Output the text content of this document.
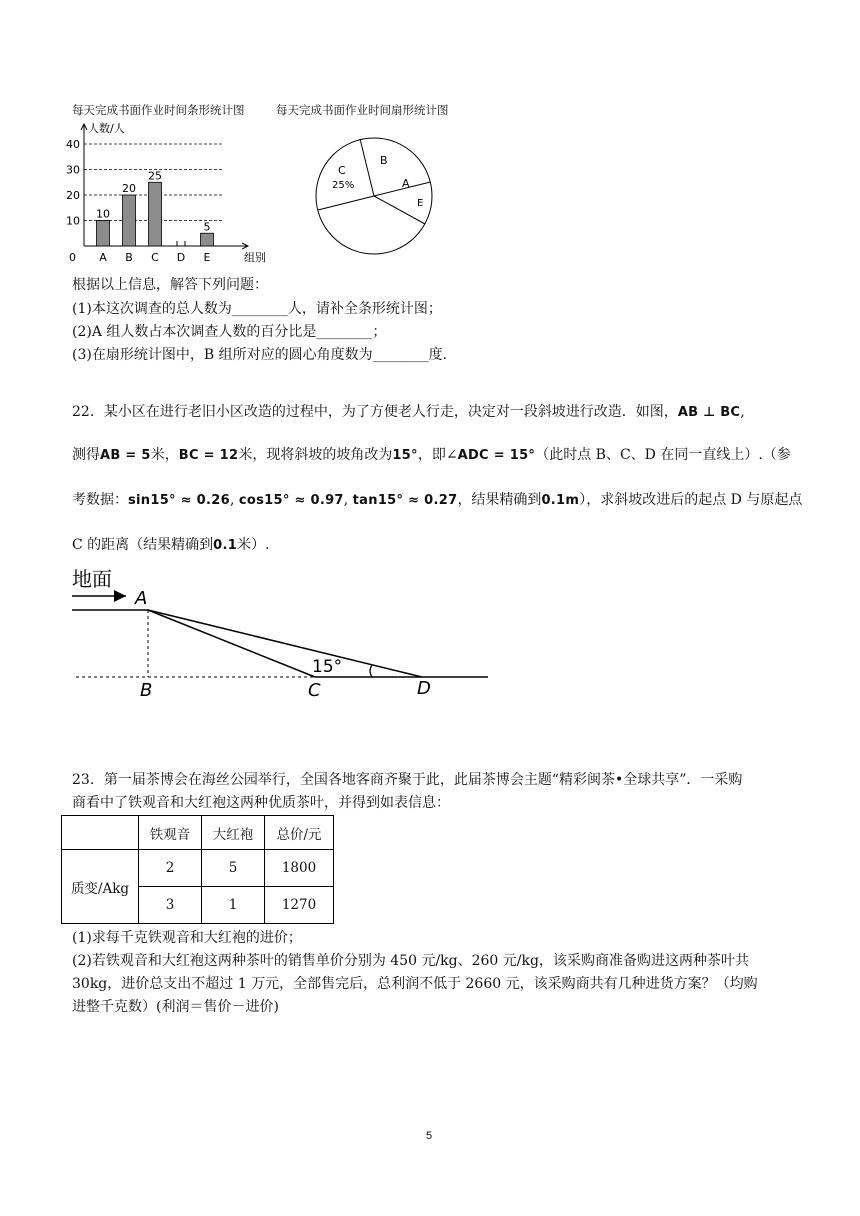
每天完成书面作业时间条形统计图	每天完成书面作业时间扇形统计图
0
10
20
30
40
人数/人
组别
10
A
20
B
25
C D
5
E
C
25%
B
A
E
根据以上信息，解答下列问题：
(1)本这次调查的总人数为________人，请补全条形统计图；
(2)A 组人数占本次调查人数的百分比是________；
(3)在扇形统计图中，B 组所对应的圆心角度数为________度.
22．某小区在进行老旧小区改造的过程中，为了方便老人行走，决定对一段斜坡进行改造．如图，AB ⊥ BC,
测得AB = 5米，BC = 12米，现将斜坡的坡角改为15°，即∠ADC = 15°（此时点 B、C、D 在同一直线上）.（参
考数据：sin15° ≈ 0.26, cos15° ≈ 0.97, tan15° ≈ 0.27，结果精确到0.1m），求斜坡改进后的起点 D 与原起点
C 的距离（结果精确到0.1米）.
地面
15°
A
B	C	D
23．第一届茶博会在海丝公园举行，全国各地客商齐聚于此，此届茶博会主题“精彩闽茶•全球共享”．一采购
商看中了铁观音和大红袍这两种优质茶叶，并得到如表信息：
	铁观音	大红袍	总价/元
质变/Akg	2	5	1800
	3	1	1270
(1)求每千克铁观音和大红袍的进价；
(2)若铁观音和大红袍这两种茶叶的销售单价分别为 450 元/kg、260 元/kg，该采购商准备购进这两种茶叶共
30kg，进价总支出不超过 1 万元，全部售完后，总利润不低于 2660 元，该采购商共有几种进货方案？（均购
进整千克数）(利润＝售价－进价)
5
